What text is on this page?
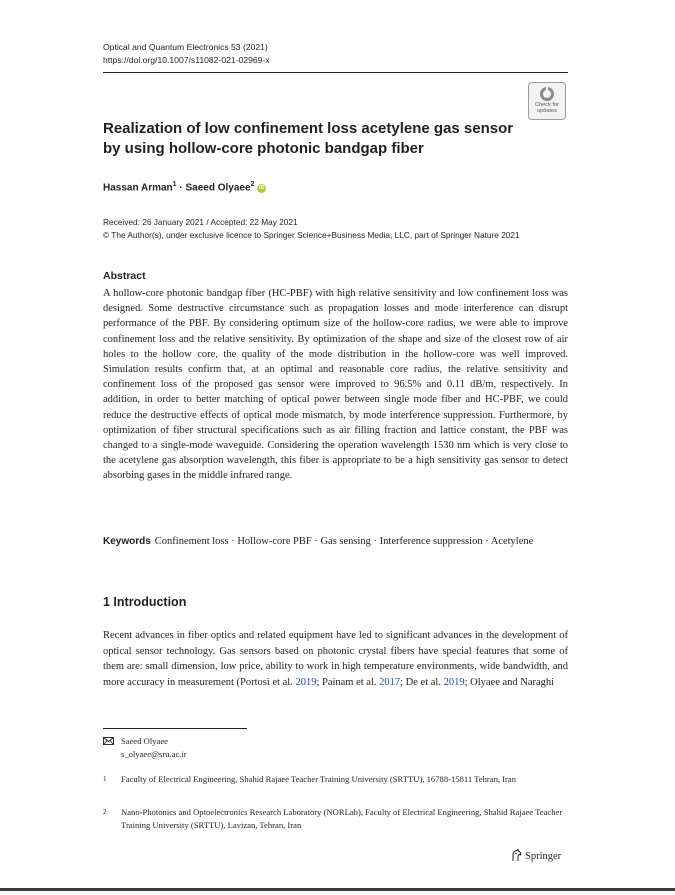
Optical and Quantum Electronics 53 (2021)
https://doi.org/10.1007/s11082-021-02969-x
Check for
updates
Realization of low confinement loss acetylene gas sensor by using hollow-core photonic bandgap fiber
Hassan Arman$^1$ · Saeed Olyaee$^2$ iD
Received: 26 January 2021 / Accepted: 22 May 2021
© The Author(s), under exclusive licence to Springer Science+Business Media, LLC, part of Springer Nature 2021
Abstract

A hollow-core photonic bandgap fiber (HC-PBF) with high relative sensitivity and low confinement loss was designed. Some destructive circumstance such as propagation losses and mode interference can disrupt performance of the PBF. By considering optimum size of the hollow-core radius, we were able to improve confinement loss and the relative sensitivity. By optimization of the shape and size of the closest row of air holes to the hollow core, the quality of the mode distribution in the hollow-core was well improved. Simulation results confirm that, at an optimal and reasonable core radius, the relative sensitivity and confinement loss of the proposed gas sensor were improved to 96.5% and 0.11 dB/m, respectively. In addition, in order to better matching of optical power between single mode fiber and HC-PBF, we could reduce the destructive effects of optical mode mismatch, by mode interference suppression. Furthermore, by optimization of fiber structural specifications such as air filling fraction and lattice constant, the PBF was changed to a single-mode waveguide. Considering the operation wavelength 1530 nm which is very close to the acetylene gas absorption wavelength, this fiber is appropriate to be a high sensitivity gas sensor to detect absorbing gases in the middle infrared range.

Keywords Confinement loss · Hollow-core PBF · Gas sensing · Interference suppression · Acetylene

1 Introduction

Recent advances in fiber optics and related equipment have led to significant advances in the development of optical sensor technology. Gas sensors based on photonic crystal fibers have special features that some of them are: small dimension, low price, ability to work in high temperature environments, wide bandwidth, and more accuracy in measurement (Portosi et al. 2019; Painam et al. 2017; De et al. 2019; Olyaee and Naraghi

Saeed Olyaee
s_olyaee@sru.ac.ir
1 Faculty of Electrical Engineering, Shahid Rajaee Teacher Training University (SRTTU), 16788-15811 Tehran, Iran
2 Nano-Photonics and Optoelectronics Research Laboratory (NORLab), Faculty of Electrical Engineering, Shahid Rajaee Teacher Training University (SRTTU), Lavizan, Tehran, Iran
Springer
